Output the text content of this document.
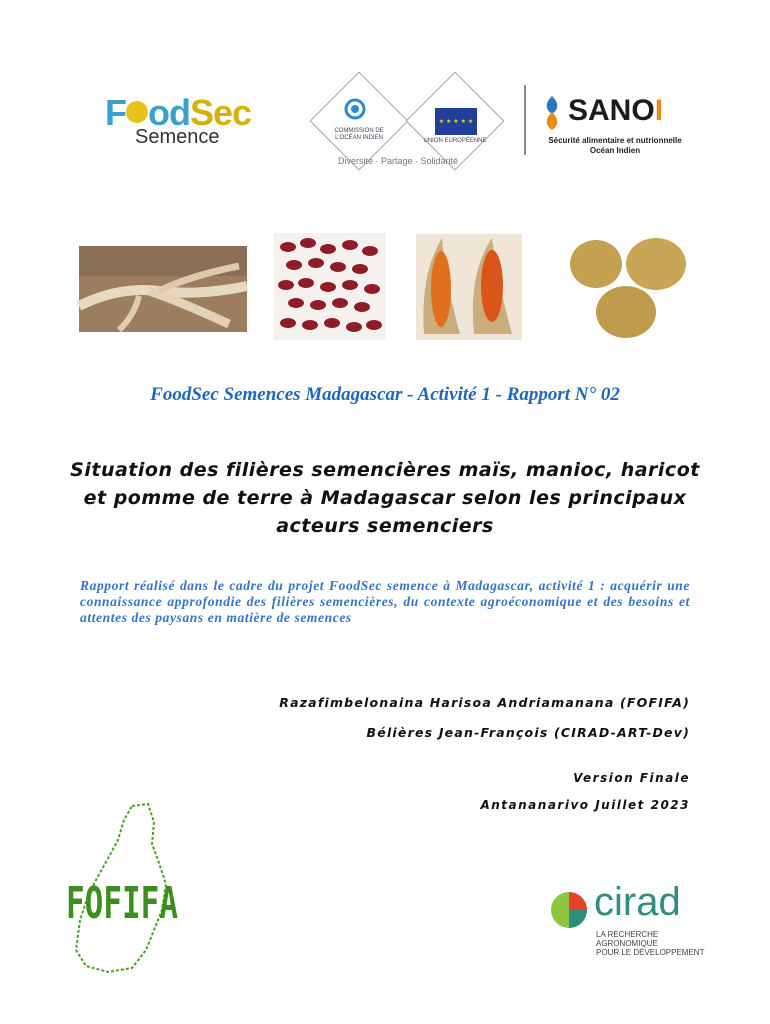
F odSec
Semence	COMMISSION DE
L'OCÉAN INDIEN
★ ★ ★ ★ ★
UNION EUROPÉENNE
Diversité · Partage · Solidarité
SANOI
Sécurité alimentaire et nutrionnelle
Océan Indien
FoodSec Semences Madagascar - Activité 1 - Rapport N° 02
Situation des filières semencières maïs, manioc, haricot et pomme de terre à Madagascar selon les principaux acteurs semenciers
Rapport réalisé dans le cadre du projet FoodSec semence à Madagascar, activité 1 : acquérir une connaissance approfondie des filières semencières, du contexte agroéconomique et des besoins et attentes des paysans en matière de semences
Razafimbelonaina Harisoa Andriamanana (FOFIFA)
Bélières Jean-François (CIRAD-ART-Dev)
Version Finale
Antananarivo Juillet 2023
FOFIFA	cirad
LA RECHERCHE AGRONOMIQUE
POUR LE DÉVELOPPEMENT
